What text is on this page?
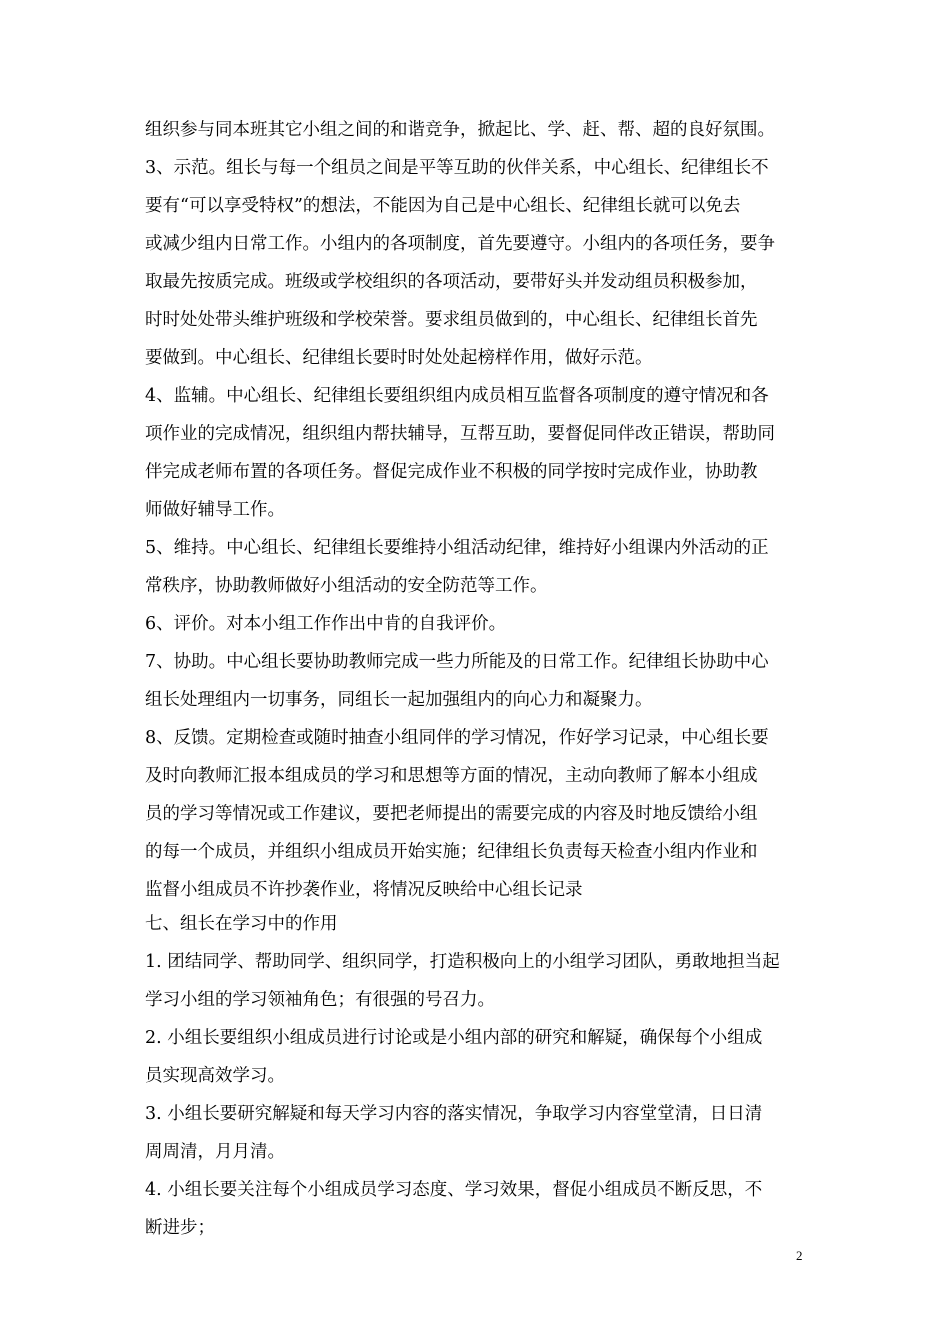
组织参与同本班其它小组之间的和谐竞争，掀起比、学、赶、帮、超的良好氛围。
3、示范。组长与每一个组员之间是平等互助的伙伴关系，中心组长、纪律组长不
要有“可以享受特权”的想法，不能因为自己是中心组长、纪律组长就可以免去
或减少组内日常工作。小组内的各项制度，首先要遵守。小组内的各项任务，要争
取最先按质完成。班级或学校组织的各项活动，要带好头并发动组员积极参加，
时时处处带头维护班级和学校荣誉。要求组员做到的，中心组长、纪律组长首先
要做到。中心组长、纪律组长要时时处处起榜样作用，做好示范。
4、监辅。中心组长、纪律组长要组织组内成员相互监督各项制度的遵守情况和各
项作业的完成情况，组织组内帮扶辅导，互帮互助，要督促同伴改正错误，帮助同
伴完成老师布置的各项任务。督促完成作业不积极的同学按时完成作业，协助教
师做好辅导工作。
5、维持。中心组长、纪律组长要维持小组活动纪律，维持好小组课内外活动的正
常秩序，协助教师做好小组活动的安全防范等工作。
6、评价。对本小组工作作出中肯的自我评价。
7、协助。中心组长要协助教师完成一些力所能及的日常工作。纪律组长协助中心
组长处理组内一切事务，同组长一起加强组内的向心力和凝聚力。
8、反馈。定期检查或随时抽查小组同伴的学习情况，作好学习记录，中心组长要
及时向教师汇报本组成员的学习和思想等方面的情况，主动向教师了解本小组成
员的学习等情况或工作建议，要把老师提出的需要完成的内容及时地反馈给小组
的每一个成员，并组织小组成员开始实施；纪律组长负责每天检查小组内作业和
监督小组成员不许抄袭作业，将情况反映给中心组长记录
七、组长在学习中的作用
1. 团结同学、帮助同学、组织同学，打造积极向上的小组学习团队，勇敢地担当起
学习小组的学习领袖角色；有很强的号召力。
2. 小组长要组织小组成员进行讨论或是小组内部的研究和解疑，确保每个小组成
员实现高效学习。
3. 小组长要研究解疑和每天学习内容的落实情况，争取学习内容堂堂清，日日清
周周清，月月清。
4. 小组长要关注每个小组成员学习态度、学习效果，督促小组成员不断反思，不
断进步；
2
